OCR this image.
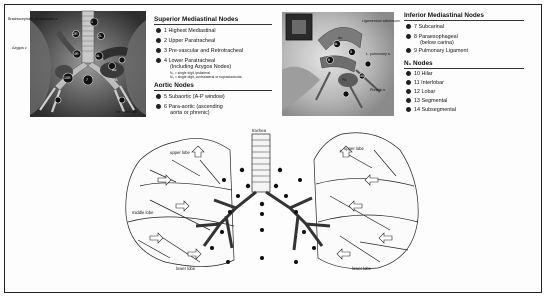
Brachiocephalic (innominate) a.
Azygos v.
Ao
PA
Inf. pulm. ligt.
1
2R	2L
4R	4L
10R	7
Ligamentum arteriosum
L. pulmonary a.
Phrenic n.
Ao
PA
4L
5
6
10L
Superior Mediastinal Nodes
1 Highest Mediastinal
2 Upper Paratracheal
3 Pre-vascular and Retrotracheal
4 Lower Paratracheal
(Including Azygos Nodes)
N₂ = single digit, ipsilateral
N₃ = single digit, contralateral or supraclavicular
Aortic Nodes
5 Subaortic (A-P window)
6 Para-aortic (ascending
aorta or phrenic)
Inferior Mediastinal Nodes
7 Subcarinal
8 Paraesophageal
(below carina)
9 Pulmonary Ligament
N₁ Nodes
10 Hilar
11 Interlobar
12 Lobar
13 Segmental
14 Subsegmental
trachea
upper lobe
upper lobe
middle lobe
lower lobe	lower lobe
